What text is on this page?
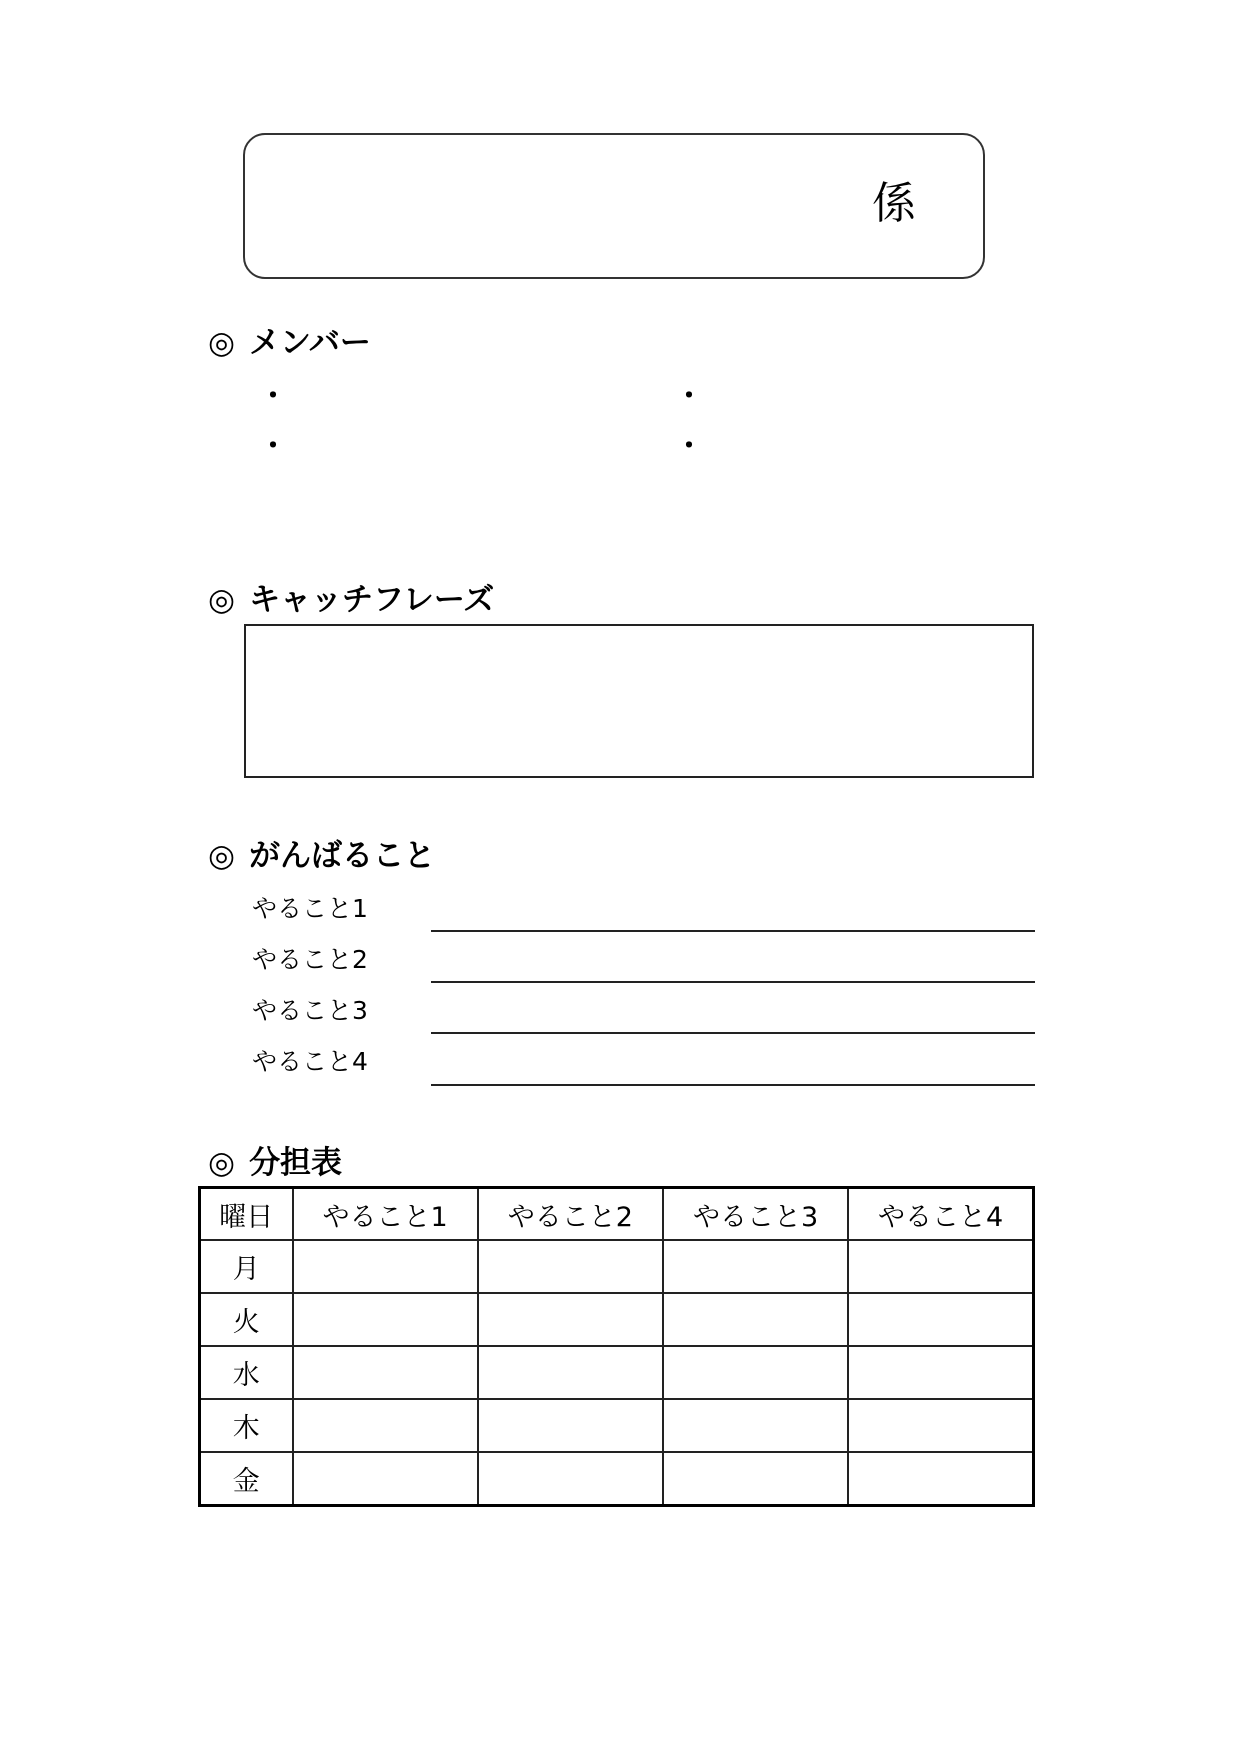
係
◎ メンバー
・	・
・	・
◎ キャッチフレーズ
◎ がんばること
やること1
やること2
やること3
やること4
◎ 分担表
曜日	やること1	やること2	やること3	やること4
月				
火				
水				
木				
金				
